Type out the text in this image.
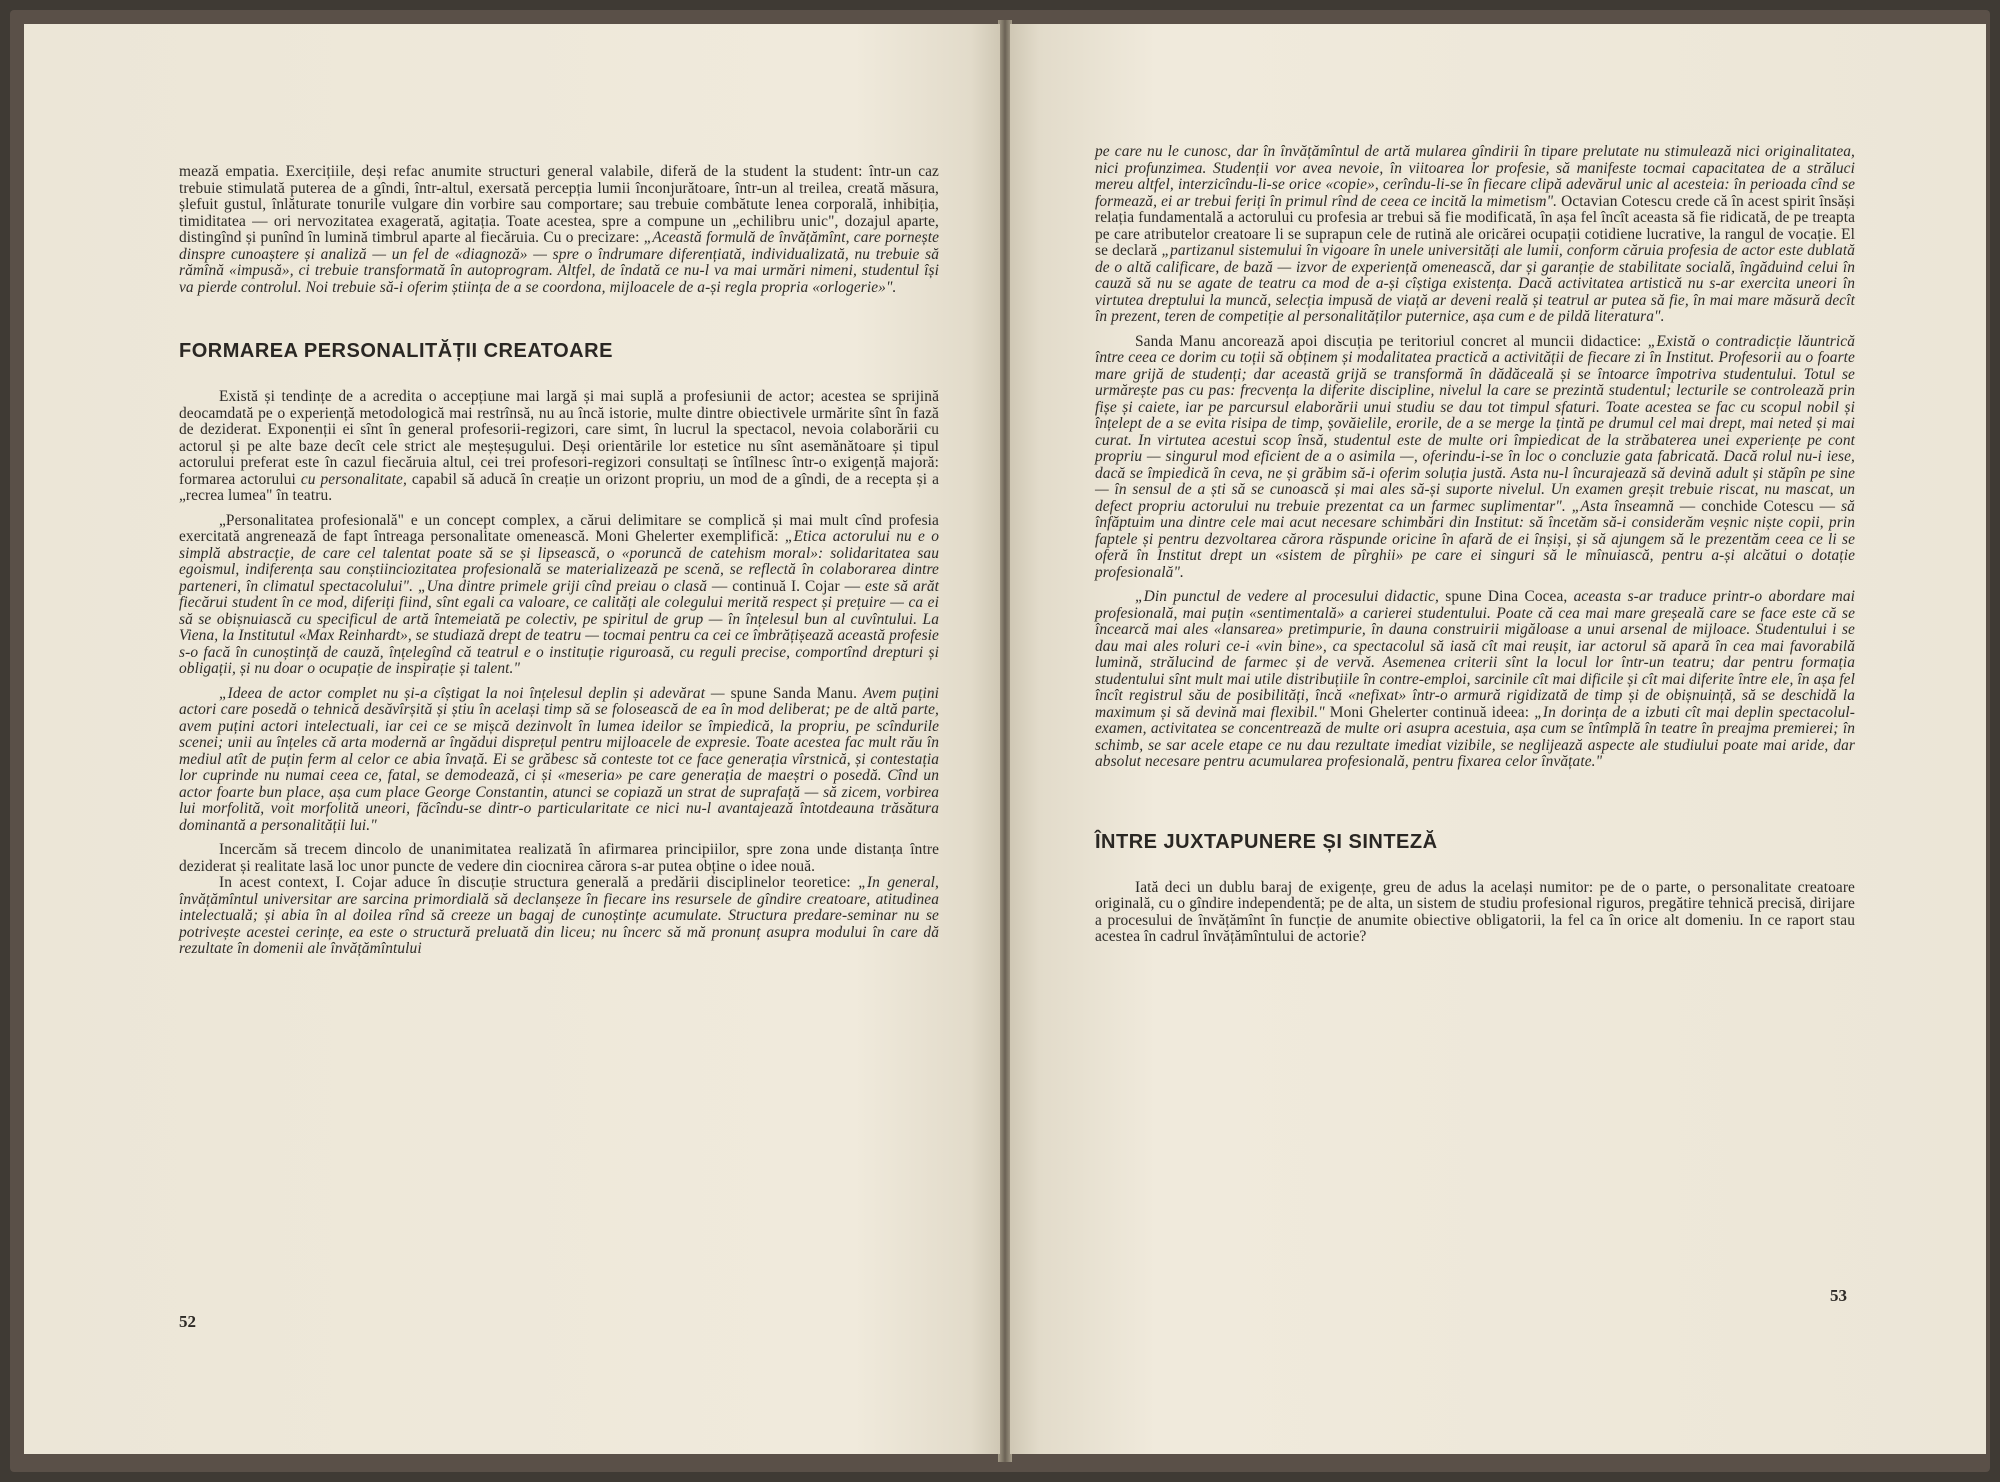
mează empatia. Exercițiile, deși refac anumite structuri general valabile, diferă de la student la student: într-un caz trebuie stimulată puterea de a gîndi, într-altul, exersată percepția lumii înconjurătoare, într-un al treilea, creată măsura, șlefuit gustul, înlăturate tonurile vulgare din vorbire sau comportare; sau trebuie combătute lenea corporală, inhibiția, timiditatea — ori nervozitatea exagerată, agitația. Toate acestea, spre a compune un „echilibru unic", dozajul aparte, distingînd și punînd în lumină timbrul aparte al fiecăruia. Cu o precizare: „Această formulă de învățămînt, care pornește dinspre cunoaștere și analiză — un fel de «diagnoză» — spre o îndrumare diferențiată, individualizată, nu trebuie să rămînă «impusă», ci trebuie transformată în autoprogram. Altfel, de îndată ce nu-l va mai urmări nimeni, studentul își va pierde controlul. Noi trebuie să-i oferim știința de a se coordona, mijloacele de a-și regla propria «orlogerie»".

FORMAREA PERSONALITĂȚII CREATOARE

Există și tendințe de a acredita o accepțiune mai largă și mai suplă a profesiunii de actor; acestea se sprijină deocamdată pe o experiență metodologică mai restrînsă, nu au încă istorie, multe dintre obiectivele urmărite sînt în fază de deziderat. Exponenții ei sînt în general profesorii-regizori, care simt, în lucrul la spectacol, nevoia colaborării cu actorul și pe alte baze decît cele strict ale meșteșugului. Deși orientările lor estetice nu sînt asemănătoare și tipul actorului preferat este în cazul fiecăruia altul, cei trei profesori-regizori consultați se întîlnesc într-o exigență majoră: formarea actorului cu personalitate, capabil să aducă în creație un orizont propriu, un mod de a gîndi, de a recepta și a „recrea lumea" în teatru.

„Personalitatea profesională" e un concept complex, a cărui delimitare se complică și mai mult cînd profesia exercitată angrenează de fapt întreaga personalitate omenească. Moni Ghelerter exemplifică: „Etica actorului nu e o simplă abstracție, de care cel talentat poate să se și lipsească, o «poruncă de catehism moral»: solidaritatea sau egoismul, indiferența sau conștiinciozitatea profesională se materializează pe scenă, se reflectă în colaborarea dintre parteneri, în climatul spectacolului". „Una dintre primele griji cînd preiau o clasă — continuă I. Cojar — este să arăt fiecărui student în ce mod, diferiți fiind, sînt egali ca valoare, ce calități ale colegului merită respect și prețuire — ca ei să se obișnuiască cu specificul de artă întemeiată pe colectiv, pe spiritul de grup — în înțelesul bun al cuvîntului. La Viena, la Institutul «Max Reinhardt», se studiază drept de teatru — tocmai pentru ca cei ce îmbrățișează această profesie s-o facă în cunoștință de cauză, înțelegînd că teatrul e o instituție riguroasă, cu reguli precise, comportînd drepturi și obligații, și nu doar o ocupație de inspirație și talent."

„Ideea de actor complet nu și-a cîștigat la noi înțelesul deplin și adevărat — spune Sanda Manu. Avem puțini actori care posedă o tehnică desăvîrșită și știu în același timp să se folosească de ea în mod deliberat; pe de altă parte, avem puțini actori intelectuali, iar cei ce se mișcă dezinvolt în lumea ideilor se împiedică, la propriu, pe scîndurile scenei; unii au înțeles că arta modernă ar îngădui disprețul pentru mijloacele de expresie. Toate acestea fac mult rău în mediul atît de puțin ferm al celor ce abia învață. Ei se grăbesc să conteste tot ce face generația vîrstnică, și contestația lor cuprinde nu numai ceea ce, fatal, se demodează, ci și «meseria» pe care generația de maeștri o posedă. Cînd un actor foarte bun place, așa cum place George Constantin, atunci se copiază un strat de suprafață — să zicem, vorbirea lui morfolită, voit morfolită uneori, făcîndu-se dintr-o particularitate ce nici nu-l avantajează întotdeauna trăsătura dominantă a personalității lui."

Incercăm să trecem dincolo de unanimitatea realizată în afirmarea principiilor, spre zona unde distanța între deziderat și realitate lasă loc unor puncte de vedere din ciocnirea cărora s-ar putea obține o idee nouă.

In acest context, I. Cojar aduce în discuție structura generală a predării disciplinelor teoretice: „In general, învățămîntul universitar are sarcina primordială să declanșeze în fiecare ins resursele de gîndire creatoare, atitudinea intelectuală; și abia în al doilea rînd să creeze un bagaj de cunoștințe acumulate. Structura predare-seminar nu se potrivește acestei cerințe, ea este o structură preluată din liceu; nu încerc să mă pronunț asupra modului în care dă rezultate în domenii ale învățămîntului

52

pe care nu le cunosc, dar în învățămîntul de artă mularea gîndirii în tipare prelutate nu stimulează nici originalitatea, nici profunzimea. Studenții vor avea nevoie, în viitoarea lor profesie, să manifeste tocmai capacitatea de a străluci mereu altfel, interzicîndu-li-se orice «copie», cerîndu-li-se în fiecare clipă adevărul unic al acesteia: în perioada cînd se formează, ei ar trebui feriți în primul rînd de ceea ce incită la mimetism". Octavian Cotescu crede că în acest spirit însăși relația fundamentală a actorului cu profesia ar trebui să fie modificată, în așa fel încît aceasta să fie ridicată, de pe treapta pe care atributelor creatoare li se suprapun cele de rutină ale oricărei ocupații cotidiene lucrative, la rangul de vocație. El se declară „partizanul sistemului în vigoare în unele universități ale lumii, conform căruia profesia de actor este dublată de o altă calificare, de bază — izvor de experiență omenească, dar și garanție de stabilitate socială, îngăduind celui în cauză să nu se agate de teatru ca mod de a-și cîștiga existența. Dacă activitatea artistică nu s-ar exercita uneori în virtutea dreptului la muncă, selecția impusă de viață ar deveni reală și teatrul ar putea să fie, în mai mare măsură decît în prezent, teren de competiție al personalităților puternice, așa cum e de pildă literatura".

Sanda Manu ancorează apoi discuția pe teritoriul concret al muncii didactice: „Există o contradicție lăuntrică între ceea ce dorim cu toții să obținem și modalitatea practică a activității de fiecare zi în Institut. Profesorii au o foarte mare grijă de studenți; dar această grijă se transformă în dădăceală și se întoarce împotriva studentului. Totul se urmărește pas cu pas: frecvența la diferite discipline, nivelul la care se prezintă studentul; lecturile se controlează prin fișe și caiete, iar pe parcursul elaborării unui studiu se dau tot timpul sfaturi. Toate acestea se fac cu scopul nobil și înțelept de a se evita risipa de timp, șovăielile, erorile, de a se merge la țintă pe drumul cel mai drept, mai neted și mai curat. In virtutea acestui scop însă, studentul este de multe ori împiedicat de la străbaterea unei experiențe pe cont propriu — singurul mod eficient de a o asimila —, oferindu-i-se în loc o concluzie gata fabricată. Dacă rolul nu-i iese, dacă se împiedică în ceva, ne și grăbim să-i oferim soluția justă. Asta nu-l încurajează să devină adult și stăpîn pe sine — în sensul de a ști să se cunoască și mai ales să-și suporte nivelul. Un examen greșit trebuie riscat, nu mascat, un defect propriu actorului nu trebuie prezentat ca un farmec suplimentar". „Asta înseamnă — conchide Cotescu — să înfăptuim una dintre cele mai acut necesare schimbări din Institut: să încetăm să-i considerăm veșnic niște copii, prin faptele și pentru dezvoltarea cărora răspunde oricine în afară de ei înșiși, și să ajungem să le prezentăm ceea ce li se oferă în Institut drept un «sistem de pîrghii» pe care ei singuri să le mînuiască, pentru a-și alcătui o dotație profesională".

„Din punctul de vedere al procesului didactic, spune Dina Cocea, aceasta s-ar traduce printr-o abordare mai profesională, mai puțin «sentimentală» a carierei studentului. Poate că cea mai mare greșeală care se face este că se încearcă mai ales «lansarea» pretimpurie, în dauna construirii migăloase a unui arsenal de mijloace. Studentului i se dau mai ales roluri ce-i «vin bine», ca spectacolul să iasă cît mai reușit, iar actorul să apară în cea mai favorabilă lumină, strălucind de farmec și de vervă. Asemenea criterii sînt la locul lor într-un teatru; dar pentru formația studentului sînt mult mai utile distribuțiile în contre-emploi, sarcinile cît mai dificile și cît mai diferite între ele, în așa fel încît registrul său de posibilități, încă «nefixat» într-o armură rigidizată de timp și de obișnuință, să se deschidă la maximum și să devină mai flexibil." Moni Ghelerter continuă ideea: „In dorința de a izbuti cît mai deplin spectacolul-examen, activitatea se concentrează de multe ori asupra acestuia, așa cum se întîmplă în teatre în preajma premierei; în schimb, se sar acele etape ce nu dau rezultate imediat vizibile, se neglijează aspecte ale studiului poate mai aride, dar absolut necesare pentru acumularea profesională, pentru fixarea celor învățate."

ÎNTRE JUXTAPUNERE ȘI SINTEZĂ

Iată deci un dublu baraj de exigențe, greu de adus la același numitor: pe de o parte, o personalitate creatoare originală, cu o gîndire independentă; pe de alta, un sistem de studiu profesional riguros, pregătire tehnică precisă, dirijare a procesului de învățămînt în funcție de anumite obiective obligatorii, la fel ca în orice alt domeniu. In ce raport stau acestea în cadrul învățămîntului de actorie?

53
